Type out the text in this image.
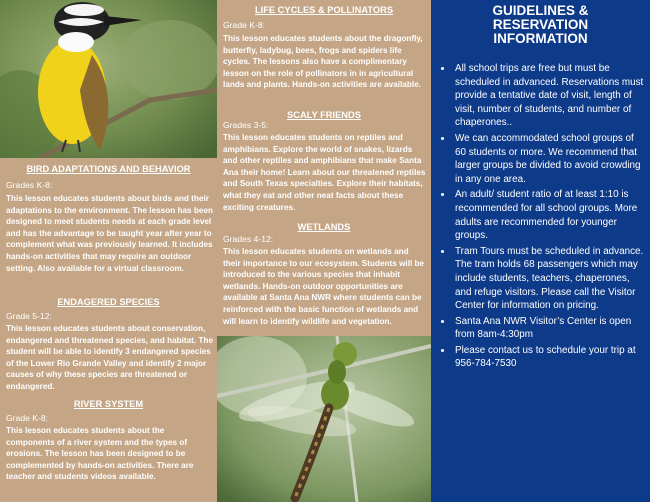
BIRD ADAPTATIONS AND BEHAVIOR

Grades K-8:

This lesson educates students about birds and their adaptations to the environment. The lesson has been designed to meet students needs at each grade level and has the advantage to be taught year after year to complement what was previously learned. It includes hands-on activities that may require an outdoor setting. Also available for a virtual classroom.

ENDAGERED SPECIES

Grade 5-12:

This lesson educates students about conservation, endangered and threatened species, and habitat. The student will be able to identify 3 endangered species of the Lower Rio Grande Valley and identify 2 major causes of why these species are threatened or endangered.

RIVER SYSTEM

Grade K-8:

This lesson educates students about the components of a river system and the types of erosions. The lesson has been designed to be complemented by hands-on activities. There are teacher and students videos available.

LIFE CYCLES & POLLINATORS

Grade K-8:

This lesson educates students about the dragonfly, butterfly, ladybug, bees, frogs and spiders life cycles. The lessons also have a complimentary lesson on the role of pollinators in in agricultural lands and plants. Hands-on activities are available.

SCALY FRIENDS

Grades 3-5:

This lesson educates students on reptiles and amphibians. Explore the world of snakes, lizards and other reptiles and amphibians that make Santa Ana their home! Learn about our threatened reptiles and South Texas specialties. Explore their habitats, what they eat and other neat facts about these exciting creatures.

WETLANDS

Grades 4-12:

This lesson educates students on wetlands and their importance to our ecosystem. Students will be introduced to the various species that inhabit wetlands. Hands-on outdoor opportunities are available at Santa Ana NWR where students can be reinforced with the basic function of wetlands and will learn to identify wildlife and vegetation.

GUIDELINES &
RESERVATION
INFORMATION
• All school trips are free but must be scheduled in advanced. Reservations must provide a tentative date of visit, length of visit, number of students, and number of chaperones..
• We can accommodated school groups of 60 students or more. We recommend that larger groups be divided to avoid crowding in any one area.
• An adult/ student ratio of at least 1:10 is recommended for all school groups. More adults are recommended for younger groups.
• Tram Tours must be scheduled in advance. The tram holds 68 passengers which may include students, teachers, chaperones, and refuge visitors. Please call the Visitor Center for information on pricing.
• Santa Ana NWR Visitor’s Center is open from 8am-4:30pm
• Please contact us to schedule your trip at 956-784-7530
